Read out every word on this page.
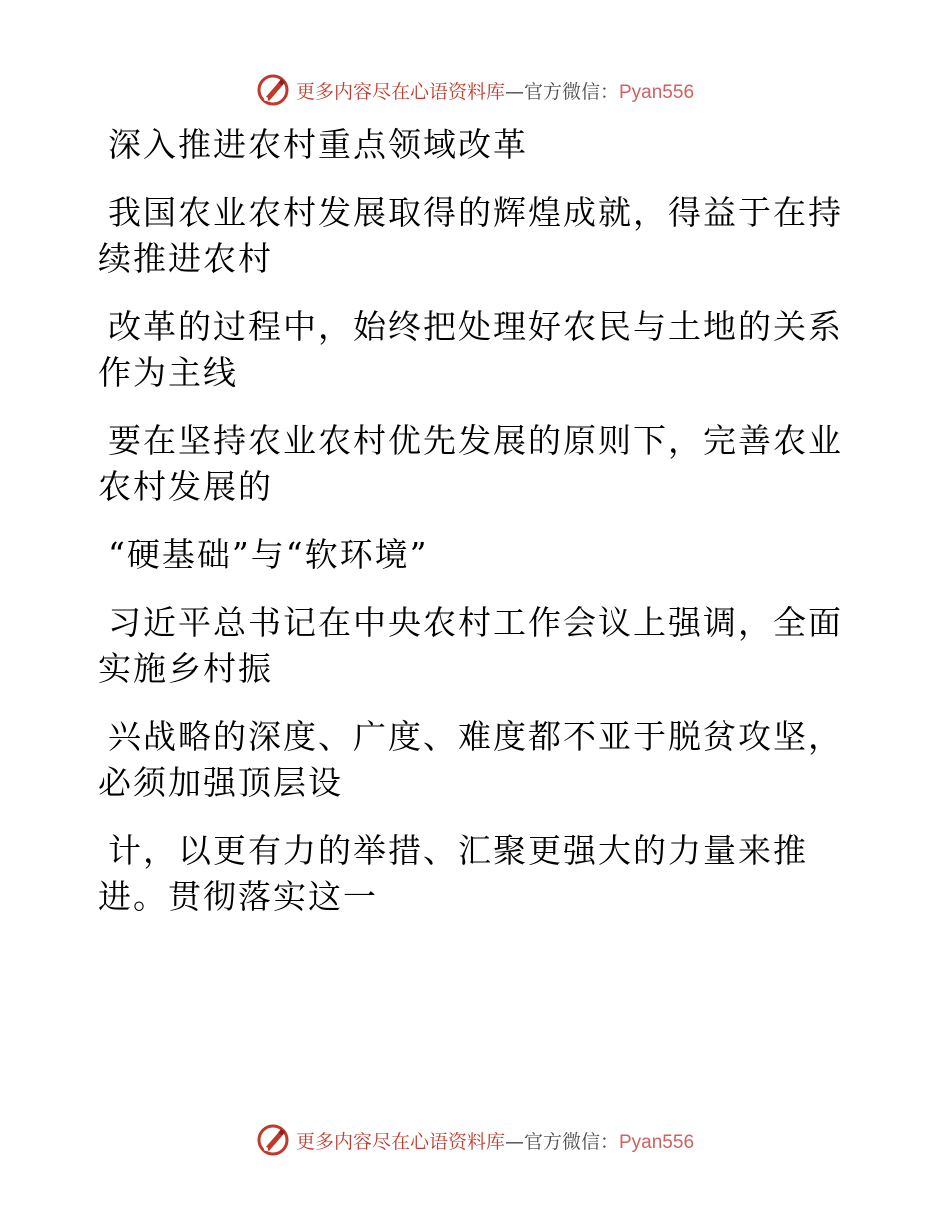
更多内容尽在心语资料库—官方微信：Pyan556
深入推进农村重点领域改革
我国农业农村发展取得的辉煌成就，得益于在持
续推进农村
改革的过程中，始终把处理好农民与土地的关系
作为主线
要在坚持农业农村优先发展的原则下，完善农业
农村发展的
“硬基础”与“软环境”
习近平总书记在中央农村工作会议上强调，全面
实施乡村振
兴战略的深度、广度、难度都不亚于脱贫攻坚，
必须加强顶层设
计，以更有力的举措、汇聚更强大的力量来推
进。贯彻落实这一
更多内容尽在心语资料库—官方微信：Pyan556
